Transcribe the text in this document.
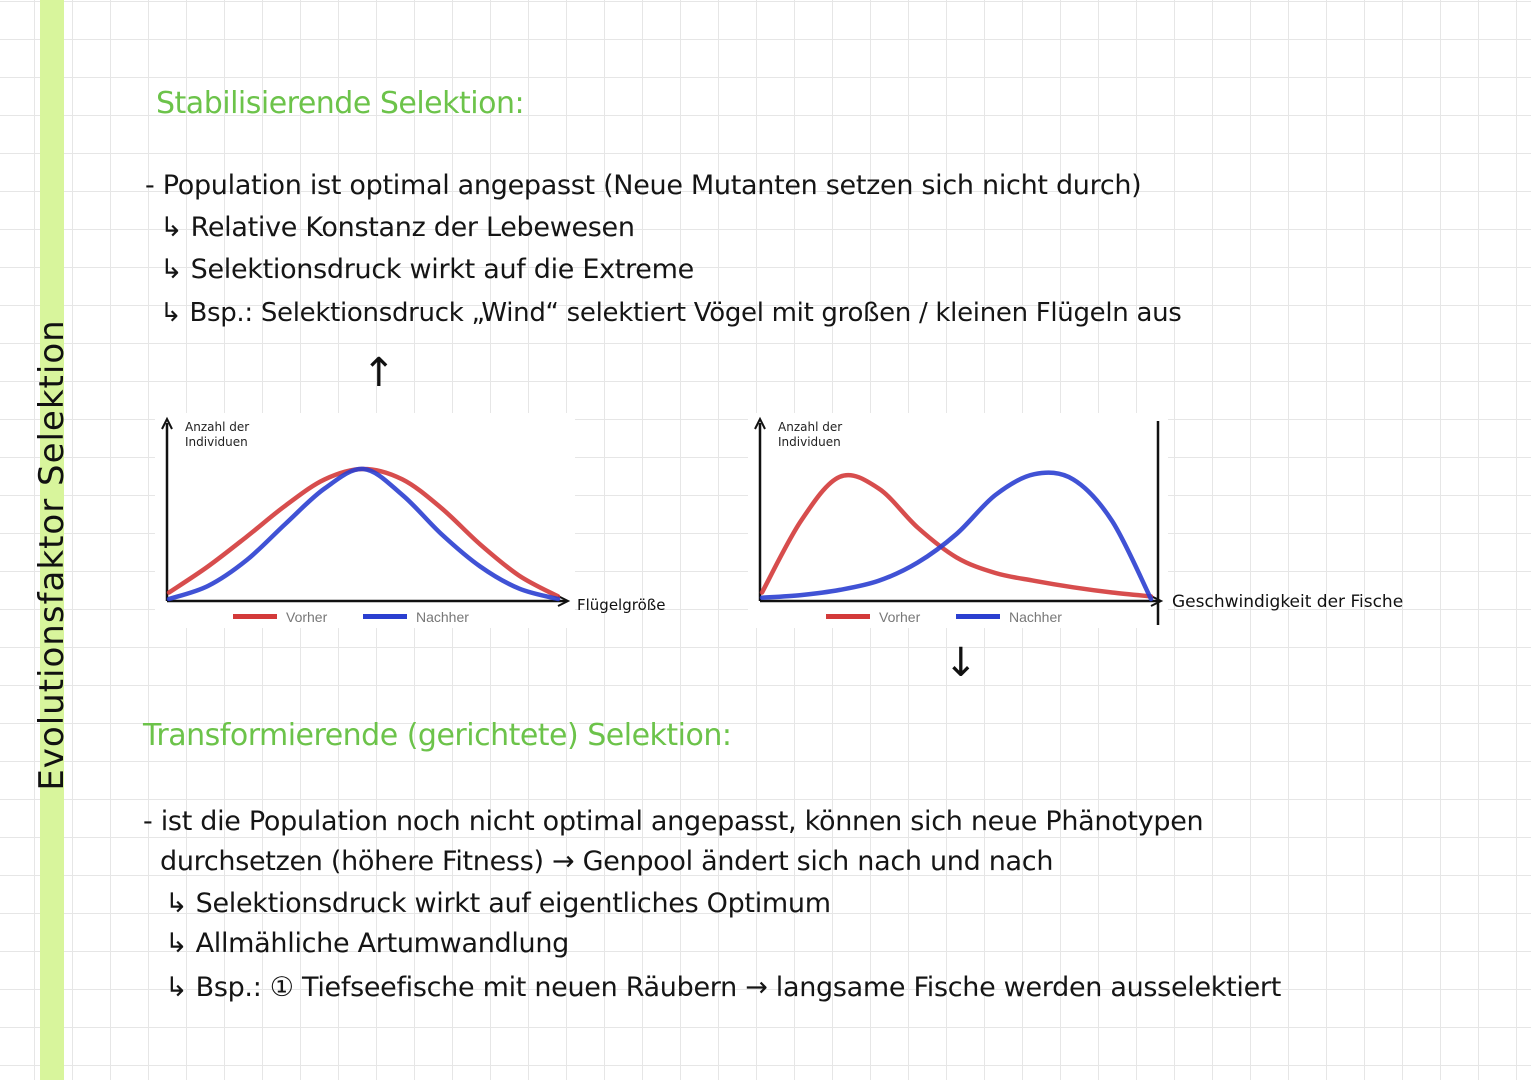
Evolutionsfaktor Selektion
Stabilisierende Selektion:
- Population ist optimal angepasst (Neue Mutanten setzen sich nicht durch)
↳ Relative Konstanz der Lebewesen
↳ Selektionsdruck wirkt auf die Extreme
↳ Bsp.: Selektionsdruck „Wind“ selektiert Vögel mit großen / kleinen Flügeln aus
↑
Anzahl der
Individuen
Vorher	Nachher
Flügelgröße
Anzahl der
Individuen
Vorher	Nachher
Geschwindigkeit der Fische
↓
Transformierende (gerichtete) Selektion:
- ist die Population noch nicht optimal angepasst, können sich neue Phänotypen
durchsetzen (höhere Fitness) → Genpool ändert sich nach und nach
↳ Selektionsdruck wirkt auf eigentliches Optimum
↳ Allmähliche Artumwandlung
↳ Bsp.: ① Tiefseefische mit neuen Räubern → langsame Fische werden ausselektiert
